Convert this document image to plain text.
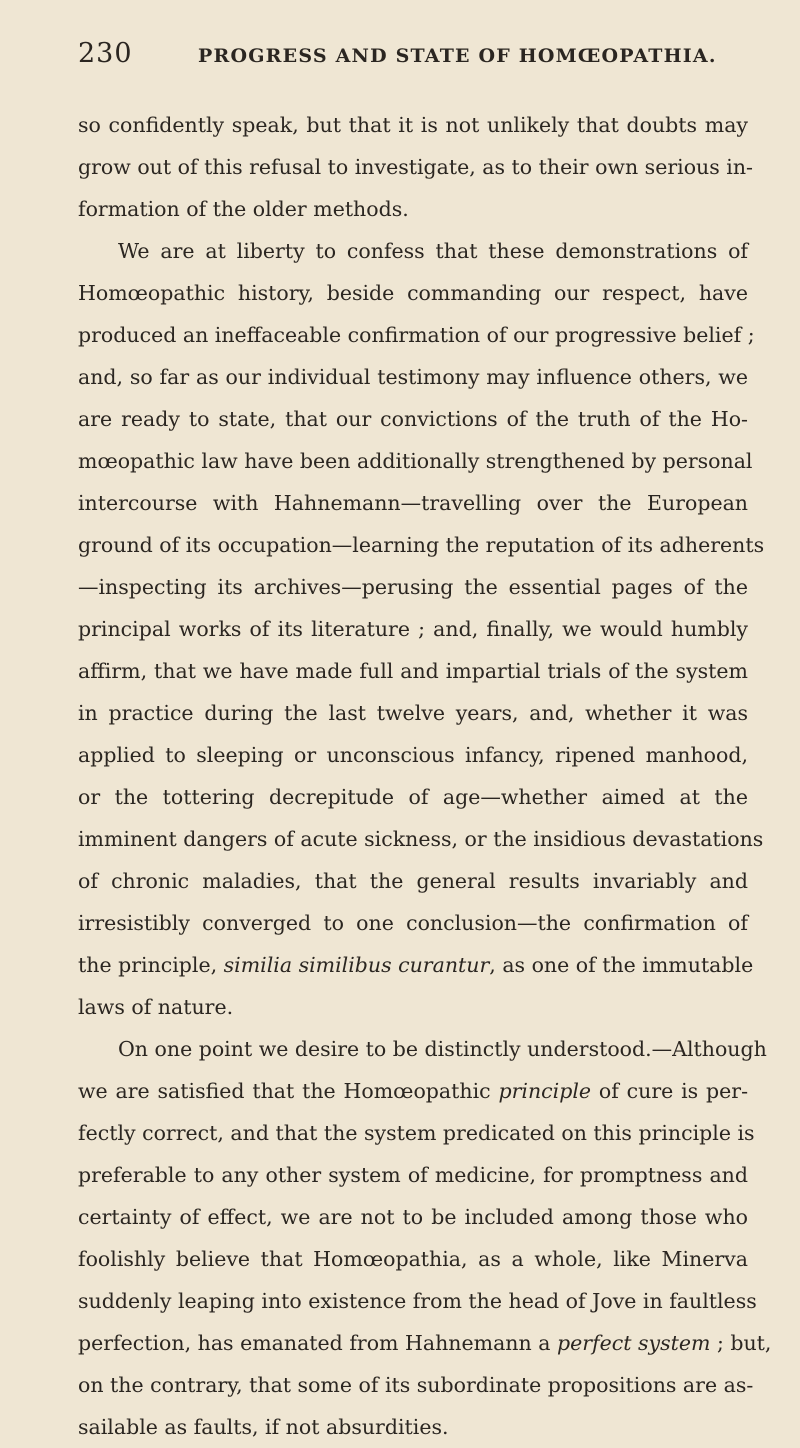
230	PROGRESS AND STATE OF HOMŒOPATHIA.
so confidently speak, but that it is not unlikely that doubts may
grow out of this refusal to investigate, as to their own serious in-
formation of the older methods.
We are at liberty to confess that these demonstrations of
Homœopathic history, beside commanding our respect, have
produced an ineffaceable confirmation of our progressive belief ;
and, so far as our individual testimony may influence others, we
are ready to state, that our convictions of the truth of the Ho-
mœopathic law have been additionally strengthened by personal
intercourse with Hahnemann—travelling over the European
ground of its occupation—learning the reputation of its adherents
—inspecting its archives—perusing the essential pages of the
principal works of its literature ; and, finally, we would humbly
affirm, that we have made full and impartial trials of the system
in practice during the last twelve years, and, whether it was
applied to sleeping or unconscious infancy, ripened manhood,
or the tottering decrepitude of age—whether aimed at the
imminent dangers of acute sickness, or the insidious devastations
of chronic maladies, that the general results invariably and
irresistibly converged to one conclusion—the confirmation of
the principle, similia similibus curantur, as one of the immutable
laws of nature.
On one point we desire to be distinctly understood.—Although
we are satisfied that the Homœopathic principle of cure is per-
fectly correct, and that the system predicated on this principle is
preferable to any other system of medicine, for promptness and
certainty of effect, we are not to be included among those who
foolishly believe that Homœopathia, as a whole, like Minerva
suddenly leaping into existence from the head of Jove in faultless
perfection, has emanated from Hahnemann a perfect system ; but,
on the contrary, that some of its subordinate propositions are as-
sailable as faults, if not absurdities.
